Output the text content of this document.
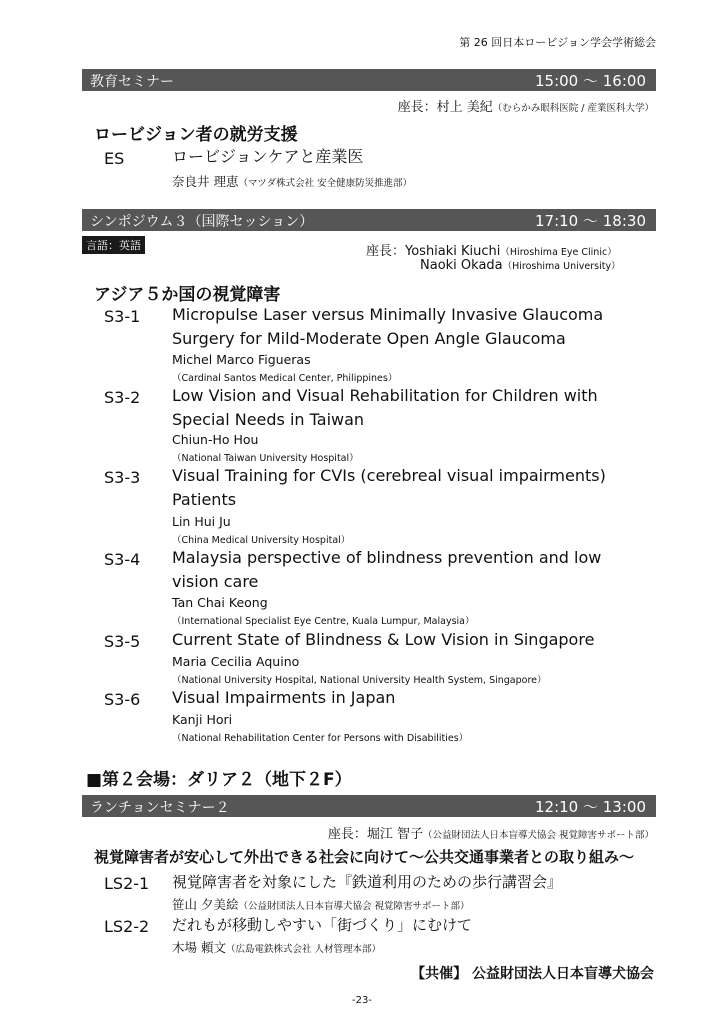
第 26 回日本ロービジョン学会学術総会
教育セミナー	15:00 ～ 16:00
座長：村上 美紀（むらかみ眼科医院 / 産業医科大学）
ロービジョン者の就労支援
ES	ロービジョンケアと産業医
奈良井 理恵（マツダ株式会社 安全健康防災推進部）
シンポジウム３（国際セッション）	17:10 ～ 18:30
言語：英語	座長：Yoshiaki Kiuchi（Hiroshima Eye Clinic）
Naoki Okada（Hiroshima University）
アジア５か国の視覚障害
S3-1 Micropulse Laser versus Minimally Invasive Glaucoma
Surgery for Mild-Moderate Open Angle Glaucoma
Michel Marco Figueras
（Cardinal Santos Medical Center, Philippines）
S3-2 Low Vision and Visual Rehabilitation for Children with
Special Needs in Taiwan
Chiun-Ho Hou
（National Taiwan University Hospital）
S3-3 Visual Training for CVIs (cerebreal visual impairments)
Patients
Lin Hui Ju
（China Medical University Hospital）
S3-4 Malaysia perspective of blindness prevention and low
vision care
Tan Chai Keong
（International Specialist Eye Centre, Kuala Lumpur, Malaysia）
S3-5 Current State of Blindness & Low Vision in Singapore
Maria Cecilia Aquino
（National University Hospital, National University Health System, Singapore）
S3-6 Visual Impairments in Japan
Kanji Hori
（National Rehabilitation Center for Persons with Disabilities）
■第２会場：ダリア２（地下２F）
ランチョンセミナー２	12:10 ～ 13:00
座長：堀江 智子（公益財団法人日本盲導犬協会 視覚障害サポート部）
視覚障害者が安心して外出できる社会に向けて～公共交通事業者との取り組み～
LS2-1 視覚障害者を対象にした『鉄道利用のための歩行講習会』
笹山 夕美絵（公益財団法人日本盲導犬協会 視覚障害サポート部）
LS2-2 だれもが移動しやすい「街づくり」にむけて
木場 頼文（広島電鉄株式会社 人材管理本部）
【共催】 公益財団法人日本盲導犬協会
-23-
